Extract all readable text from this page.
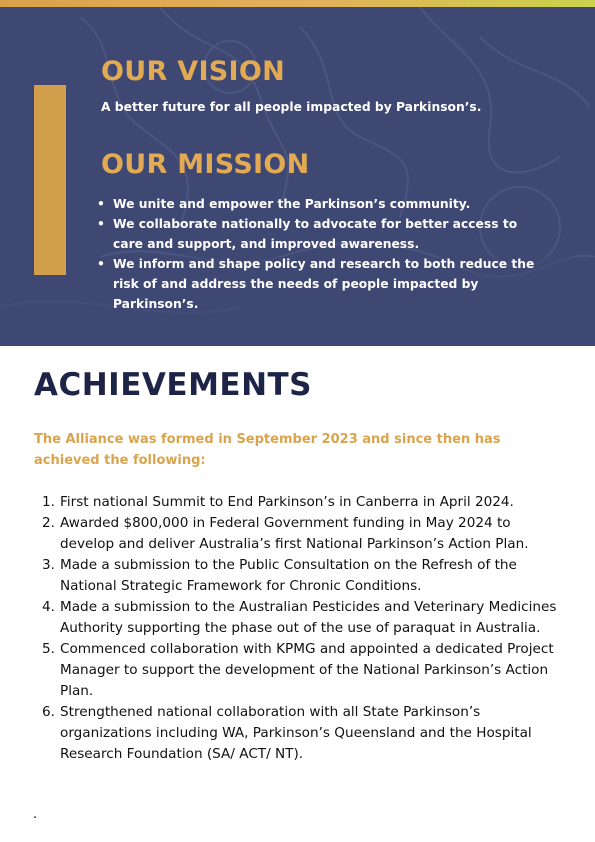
OUR VISION

A better future for all people impacted by Parkinson’s.

OUR MISSION
• We unite and empower the Parkinson’s community.
• We collaborate nationally to advocate for better access to care and support, and improved awareness.
• We inform and shape policy and research to both reduce the risk of and address the needs of people impacted by Parkinson’s.
ACHIEVEMENTS

The Alliance was formed in September 2023 and since then has achieved the following:

1. First national Summit to End Parkinson’s in Canberra in April 2024.
2. Awarded $800,000 in Federal Government funding in May 2024 to develop and deliver Australia’s first National Parkinson’s Action Plan.
3. Made a submission to the Public Consultation on the Refresh of the National Strategic Framework for Chronic Conditions.
4. Made a submission to the Australian Pesticides and Veterinary Medicines Authority supporting the phase out of the use of paraquat in Australia.
5. Commenced collaboration with KPMG and appointed a dedicated Project Manager to support the development of the National Parkinson’s Action Plan.
6. Strengthened national collaboration with all State Parkinson’s organizations including WA, Parkinson’s Queensland and the Hospital Research Foundation (SA/ ACT/ NT).
.
